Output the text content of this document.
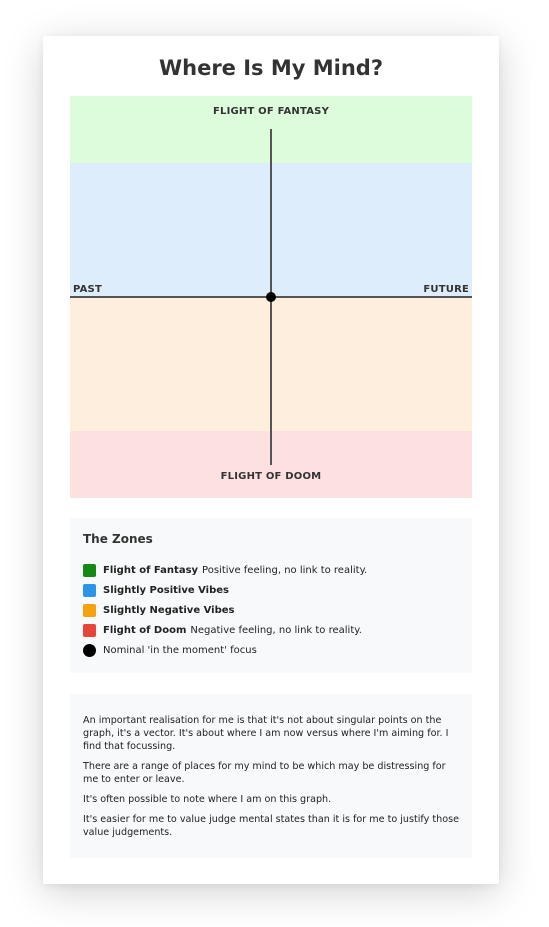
Where Is My Mind?
FLIGHT OF FANTASY
FLIGHT OF DOOM
PAST	FUTURE
The Zones
Flight of Fantasy Positive feeling, no link to reality.
Slightly Positive Vibes
Slightly Negative Vibes
Flight of Doom Negative feeling, no link to reality.
Nominal 'in the moment' focus

An important realisation for me is that it's not about singular points on the graph, it's a vector. It's about where I am now versus where I'm aiming for. I find that focussing.

There are a range of places for my mind to be which may be distressing for me to enter or leave.

It's often possible to note where I am on this graph.

It's easier for me to value judge mental states than it is for me to justify those value judgements.
